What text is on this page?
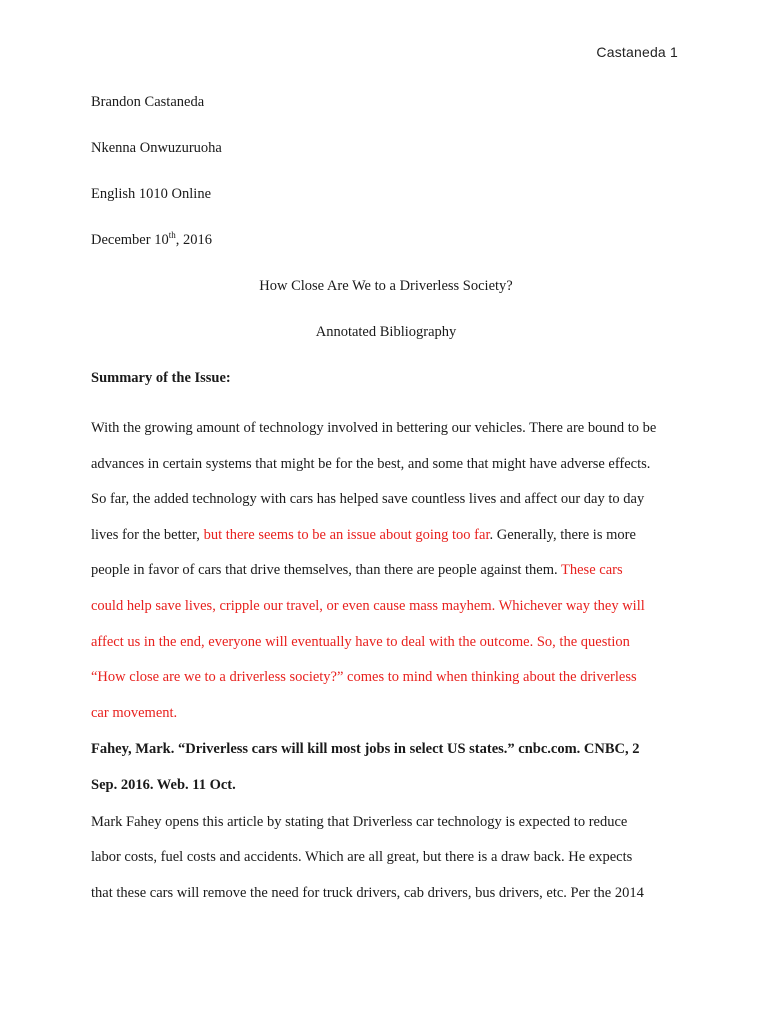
Castaneda 1
Brandon Castaneda
Nkenna Onwuzuruoha
English 1010 Online
December 10th, 2016
How Close Are We to a Driverless Society?
Annotated Bibliography
Summary of the Issue:
With the growing amount of technology involved in bettering our vehicles. There are bound to be
advances in certain systems that might be for the best, and some that might have adverse effects.
So far, the added technology with cars has helped save countless lives and affect our day to day
lives for the better, but there seems to be an issue about going too far. Generally, there is more
people in favor of cars that drive themselves, than there are people against them. These cars
could help save lives, cripple our travel, or even cause mass mayhem. Whichever way they will
affect us in the end, everyone will eventually have to deal with the outcome. So, the question
“How close are we to a driverless society?” comes to mind when thinking about the driverless
car movement.
Fahey, Mark. “Driverless cars will kill most jobs in select US states.” cnbc.com. CNBC, 2
Sep. 2016. Web. 11 Oct.
Mark Fahey opens this article by stating that Driverless car technology is expected to reduce
labor costs, fuel costs and accidents. Which are all great, but there is a draw back. He expects
that these cars will remove the need for truck drivers, cab drivers, bus drivers, etc. Per the 2014
